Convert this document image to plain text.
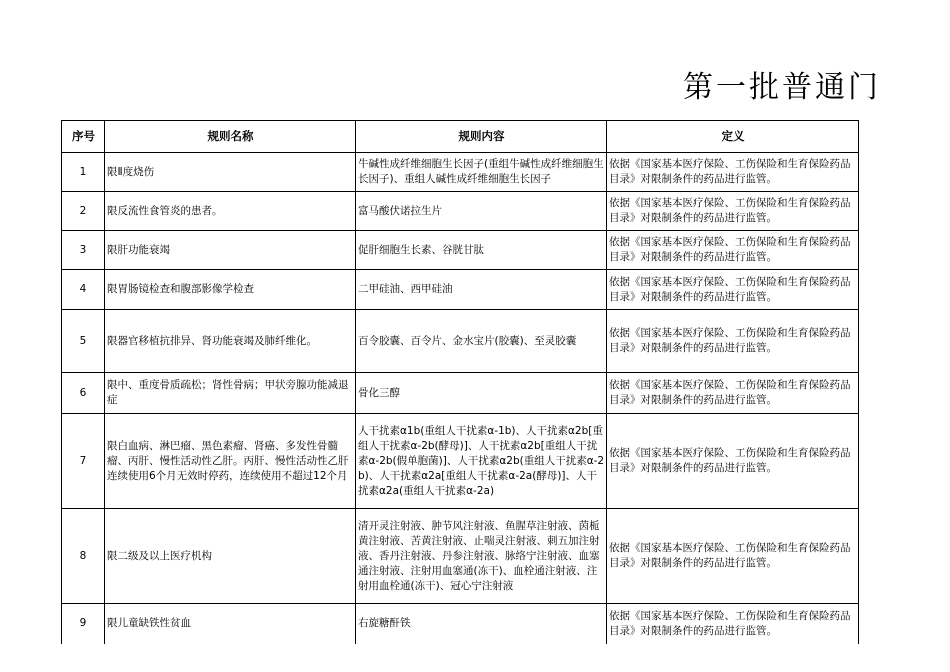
第一批普通门
序号	规则名称	规则内容	定义
1	限Ⅱ度烧伤	牛碱性成纤维细胞生长因子(重组牛碱性成纤维细胞生长因子)、重组人碱性成纤维细胞生长因子	依据《国家基本医疗保险、工伤保险和生育保险药品目录》对限制条件的药品进行监管。
2	限反流性食管炎的患者。	富马酸伏诺拉生片	依据《国家基本医疗保险、工伤保险和生育保险药品目录》对限制条件的药品进行监管。
3	限肝功能衰竭	促肝细胞生长素、谷胱甘肽	依据《国家基本医疗保险、工伤保险和生育保险药品目录》对限制条件的药品进行监管。
4	限胃肠镜检查和腹部影像学检查	二甲硅油、西甲硅油	依据《国家基本医疗保险、工伤保险和生育保险药品目录》对限制条件的药品进行监管。
5	限器官移植抗排异、肾功能衰竭及肺纤维化。	百令胶囊、百令片、金水宝片(胶囊)、至灵胶囊	依据《国家基本医疗保险、工伤保险和生育保险药品目录》对限制条件的药品进行监管。
6	限中、重度骨质疏松；肾性骨病；甲状旁腺功能减退症	骨化三醇	依据《国家基本医疗保险、工伤保险和生育保险药品目录》对限制条件的药品进行监管。
7	限白血病、淋巴瘤、黑色素瘤、肾癌、多发性骨髓瘤、丙肝、慢性活动性乙肝。丙肝、慢性活动性乙肝连续使用6个月无效时停药，连续使用不超过12个月	人干扰素α1b(重组人干扰素α-1b)、人干扰素α2b[重组人干扰素α-2b(酵母)]、人干扰素α2b[重组人干扰素α-2b(假单胞菌)]、人干扰素α2b(重组人干扰素α-2b)、人干扰素α2a[重组人干扰素α-2a(酵母)]、人干扰素α2a(重组人干扰素α-2a)	依据《国家基本医疗保险、工伤保险和生育保险药品目录》对限制条件的药品进行监管。
8	限二级及以上医疗机构	清开灵注射液、肿节风注射液、鱼腥草注射液、茵栀黄注射液、苦黄注射液、止喘灵注射液、刺五加注射液、香丹注射液、丹参注射液、脉络宁注射液、血塞通注射液、注射用血塞通(冻干)、血栓通注射液、注射用血栓通(冻干)、冠心宁注射液	依据《国家基本医疗保险、工伤保险和生育保险药品目录》对限制条件的药品进行监管。
9	限儿童缺铁性贫血	右旋糖酐铁	依据《国家基本医疗保险、工伤保险和生育保险药品目录》对限制条件的药品进行监管。
